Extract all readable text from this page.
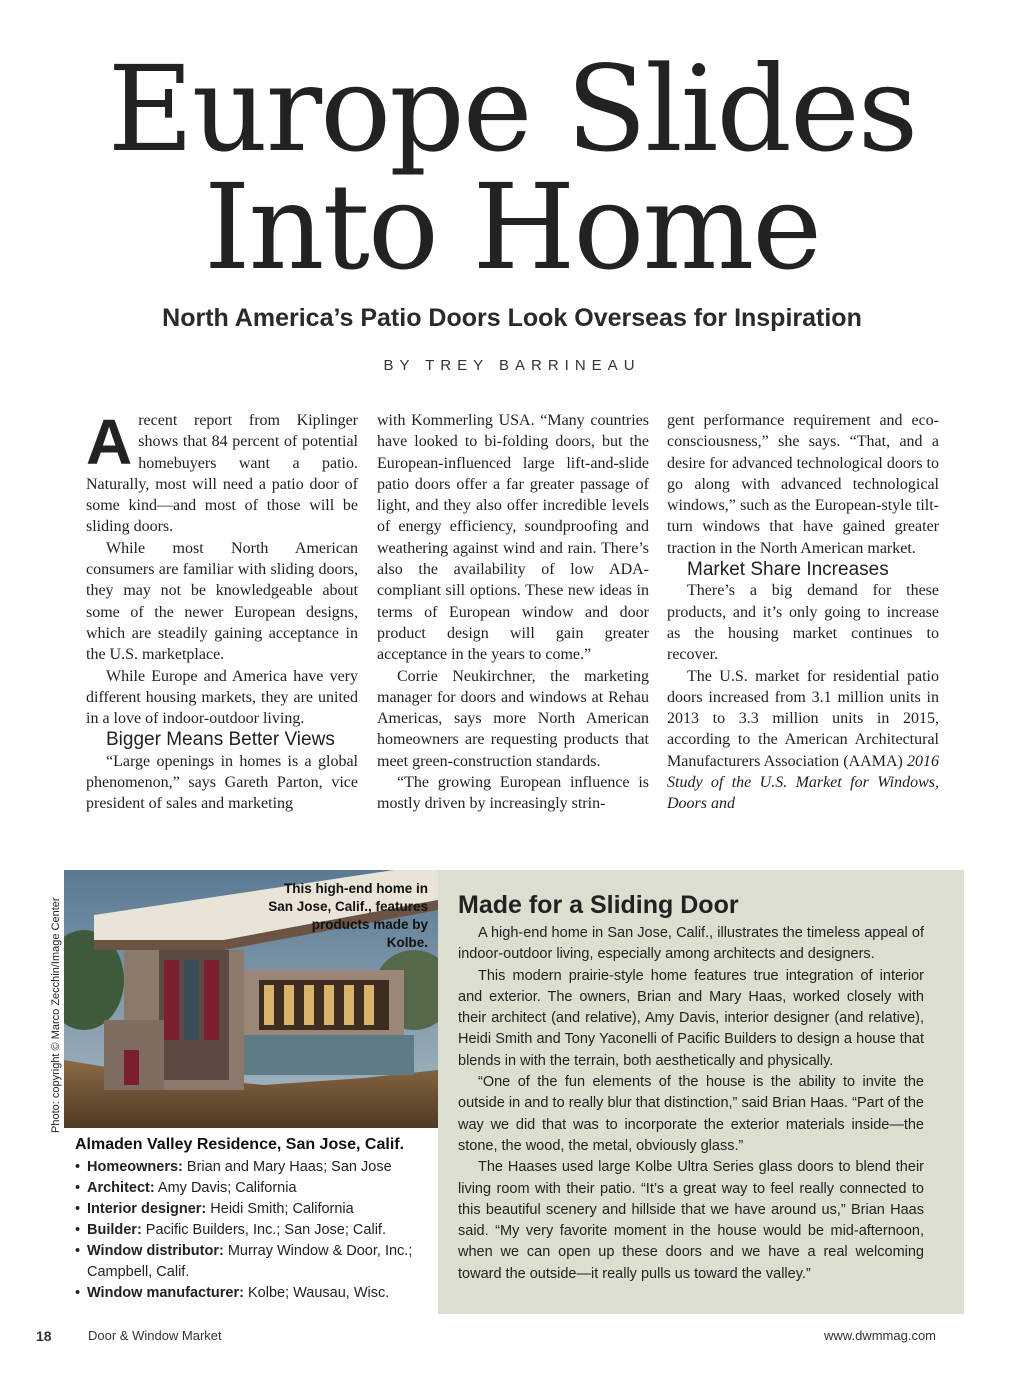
Europe Slides
Into Home
North America’s Patio Doors Look Overseas for Inspiration
BY TREY BARRINEAU

Arecent report from Kiplinger shows that 84 percent of potential homebuyers want a patio. Naturally, most will need a patio door of some kind—and most of those will be sliding doors.

While most North American consumers are familiar with sliding doors, they may not be knowledgeable about some of the newer European designs, which are steadily gaining acceptance in the U.S. marketplace.

While Europe and America have very different housing markets, they are united in a love of indoor-outdoor living.

Bigger Means Better Views

“Large openings in homes is a global phenomenon,” says Gareth Parton, vice president of sales and marketing

with Kommerling USA. “Many countries have looked to bi-folding doors, but the European-influenced large lift-and-slide patio doors offer a far greater passage of light, and they also offer incredible levels of energy efficiency, soundproofing and weathering against wind and rain. There’s also the availability of low ADA-compliant sill options. These new ideas in terms of European window and door product design will gain greater acceptance in the years to come.”

Corrie Neukirchner, the marketing manager for doors and windows at Rehau Americas, says more North American homeowners are requesting products that meet green-construction standards.

“The growing European influence is mostly driven by increasingly strin-

gent performance requirement and eco-consciousness,” she says. “That, and a desire for advanced technological doors to go along with advanced technological windows,” such as the European-style tilt-turn windows that have gained greater traction in the North American market.

Market Share Increases

There’s a big demand for these products, and it’s only going to increase as the housing market continues to recover.

The U.S. market for residential patio doors increased from 3.1 million units in 2013 to 3.3 million units in 2015, according to the American Architectural Manufacturers Association (AAMA) 2016 Study of the U.S. Market for Windows, Doors and

Photo: copyright © Marco Zecchin/Image Center
This high-end home in San Jose, Calif., features products made by Kolbe.
Almaden Valley Residence, San Jose, Calif.
• Homeowners: Brian and Mary Haas; San Jose
• Architect: Amy Davis; California
• Interior designer: Heidi Smith; California
• Builder: Pacific Builders, Inc.; San Jose; Calif.
• Window distributor: Murray Window & Door, Inc.; Campbell, Calif.
• Window manufacturer: Kolbe; Wausau, Wisc.
Made for a Sliding Door

A high-end home in San Jose, Calif., illustrates the timeless appeal of indoor-outdoor living, especially among architects and designers.

This modern prairie-style home features true integration of interior and exterior. The owners, Brian and Mary Haas, worked closely with their architect (and relative), Amy Davis, interior designer (and relative), Heidi Smith and Tony Yaconelli of Pacific Builders to design a house that blends in with the terrain, both aesthetically and physically.

“One of the fun elements of the house is the ability to invite the outside in and to really blur that distinction,” said Brian Haas. “Part of the way we did that was to incorporate the exterior materials inside—the stone, the wood, the metal, obviously glass.”

The Haases used large Kolbe Ultra Series glass doors to blend their living room with their patio. “It’s a great way to feel really connected to this beautiful scenery and hillside that we have around us,” Brian Haas said. “My very favorite moment in the house would be mid-afternoon, when we can open up these doors and we have a real welcoming toward the outside—it really pulls us toward the valley.”

18	Door & Window Market	www.dwmmag.com
